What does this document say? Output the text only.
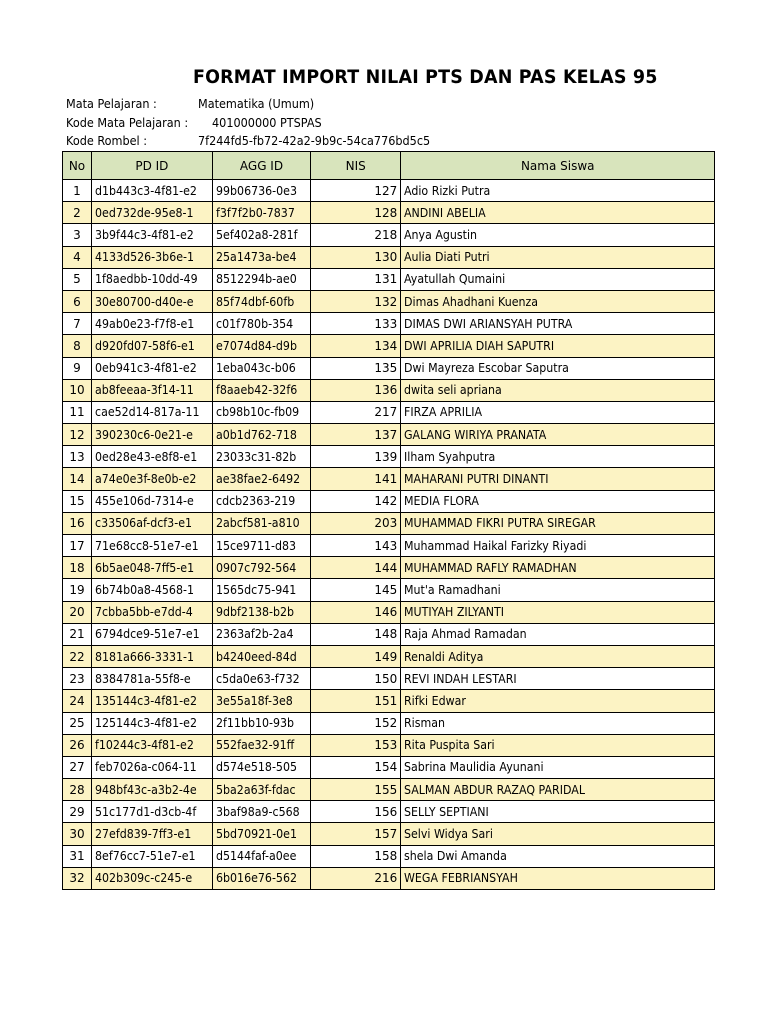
FORMAT IMPORT NILAI PTS DAN PAS KELAS 95
Mata Pelajaran :	Matematika (Umum)
Kode Mata Pelajaran : 401000000 PTSPAS
Kode Rombel :	7f244fd5-fb72-42a2-9b9c-54ca776bd5c5
No	PD ID	AGG ID	NIS	Nama Siswa
1	d1b443c3-4f81-e2	99b06736-0e3	127	Adio Rizki Putra
2	0ed732de-95e8-1	f3f7f2b0-7837	128	ANDINI ABELIA
3	3b9f44c3-4f81-e2	5ef402a8-281f	218	Anya Agustin
4	4133d526-3b6e-1	25a1473a-be4	130	Aulia Diati Putri
5	1f8aedbb-10dd-49	8512294b-ae0	131	Ayatullah Qumaini
6	30e80700-d40e-e	85f74dbf-60fb	132	Dimas Ahadhani Kuenza
7	49ab0e23-f7f8-e1	c01f780b-354	133	DIMAS DWI ARIANSYAH PUTRA
8	d920fd07-58f6-e1	e7074d84-d9b	134	DWI APRILIA DIAH SAPUTRI
9	0eb941c3-4f81-e2	1eba043c-b06	135	Dwi Mayreza Escobar Saputra
10	ab8feeaa-3f14-11	f8aaeb42-32f6	136	dwita seli apriana
11	cae52d14-817a-11	cb98b10c-fb09	217	FIRZA APRILIA
12	390230c6-0e21-e	a0b1d762-718	137	GALANG WIRIYA PRANATA
13	0ed28e43-e8f8-e1	23033c31-82b	139	Ilham Syahputra
14	a74e0e3f-8e0b-e2	ae38fae2-6492	141	MAHARANI PUTRI DINANTI
15	455e106d-7314-e	cdcb2363-219	142	MEDIA FLORA
16	c33506af-dcf3-e1	2abcf581-a810	203	MUHAMMAD FIKRI PUTRA SIREGAR
17	71e68cc8-51e7-e1	15ce9711-d83	143	Muhammad Haikal Farizky Riyadi
18	6b5ae048-7ff5-e1	0907c792-564	144	MUHAMMAD RAFLY RAMADHAN
19	6b74b0a8-4568-1	1565dc75-941	145	Mut'a Ramadhani
20	7cbba5bb-e7dd-4	9dbf2138-b2b	146	MUTIYAH ZILYANTI
21	6794dce9-51e7-e1	2363af2b-2a4	148	Raja Ahmad Ramadan
22	8181a666-3331-1	b4240eed-84d	149	Renaldi Aditya
23	8384781a-55f8-e	c5da0e63-f732	150	REVI INDAH LESTARI
24	135144c3-4f81-e2	3e55a18f-3e8	151	Rifki Edwar
25	125144c3-4f81-e2	2f11bb10-93b	152	Risman
26	f10244c3-4f81-e2	552fae32-91ff	153	Rita Puspita Sari
27	feb7026a-c064-11	d574e518-505	154	Sabrina Maulidia Ayunani
28	948bf43c-a3b2-4e	5ba2a63f-fdac	155	SALMAN ABDUR RAZAQ PARIDAL
29	51c177d1-d3cb-4f	3baf98a9-c568	156	SELLY SEPTIANI
30	27efd839-7ff3-e1	5bd70921-0e1	157	Selvi Widya Sari
31	8ef76cc7-51e7-e1	d5144faf-a0ee	158	shela Dwi Amanda
32	402b309c-c245-e	6b016e76-562	216	WEGA FEBRIANSYAH
